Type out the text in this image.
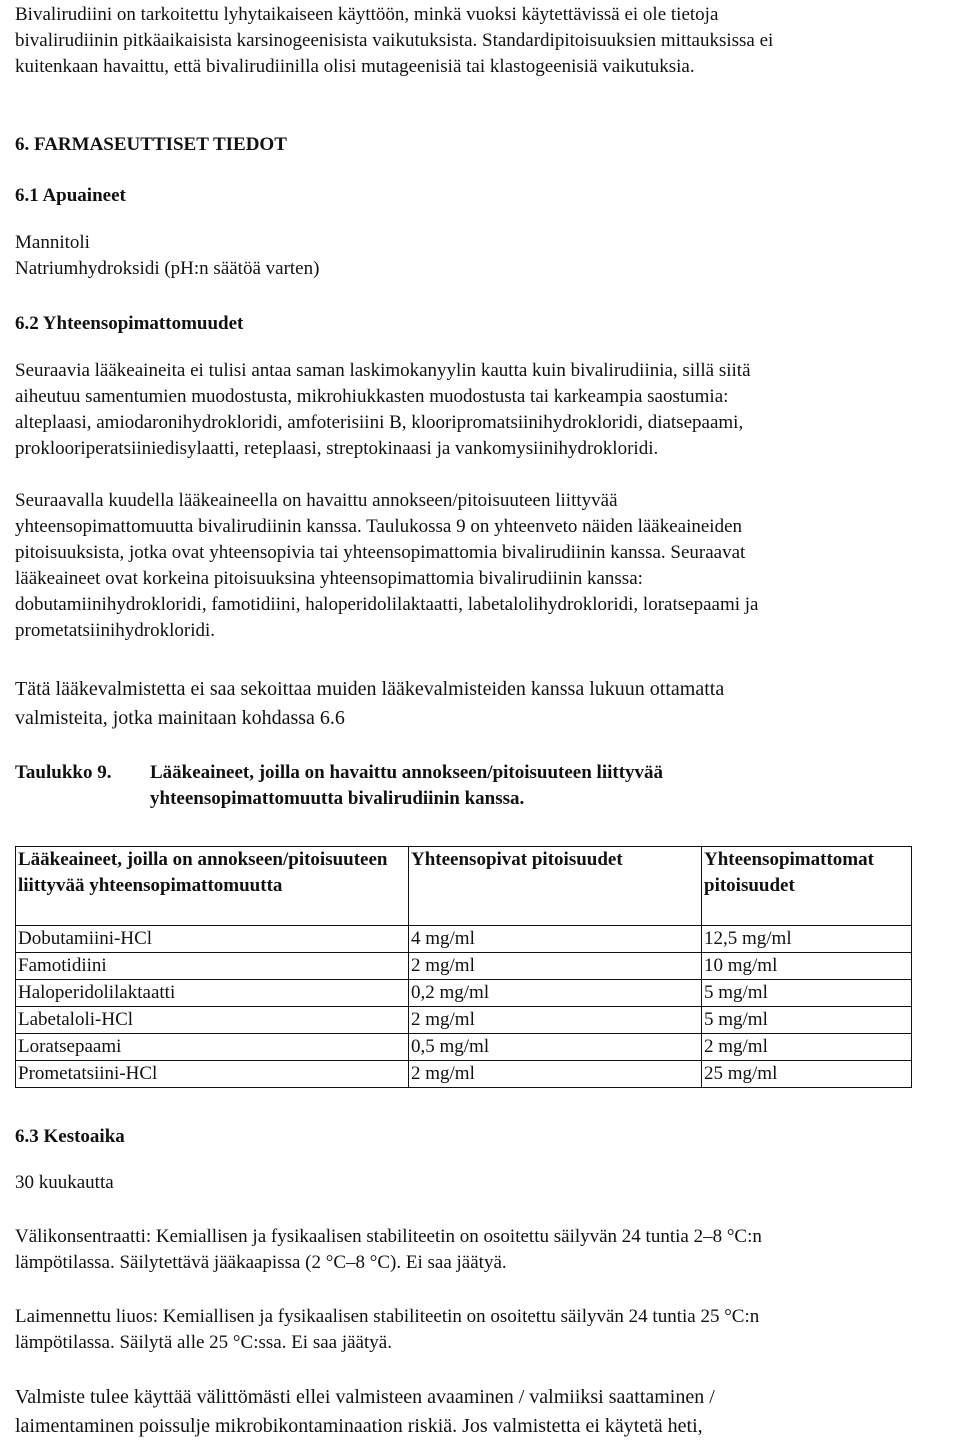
Bivalirudiini on tarkoitettu lyhytaikaiseen käyttöön, minkä vuoksi käytettävissä ei ole tietoja

bivalirudiinin pitkäaikaisista karsinogeenisista vaikutuksista. Standardipitoisuuksien mittauksissa ei

kuitenkaan havaittu, että bivalirudiinilla olisi mutageenisiä tai klastogeenisiä vaikutuksia.

6. FARMASEUTTISET TIEDOT
6.1 Apuaineet

Mannitoli

Natriumhydroksidi (pH:n säätöä varten)

6.2 Yhteensopimattomuudet

Seuraavia lääkeaineita ei tulisi antaa saman laskimokanyylin kautta kuin bivalirudiinia, sillä siitä

aiheutuu samentumien muodostusta, mikrohiukkasten muodostusta tai karkeampia saostumia:

alteplaasi, amiodaronihydrokloridi, amfoterisiini B, klooripromatsiinihydrokloridi, diatsepaami,

proklooriperatsiiniedisylaatti, reteplaasi, streptokinaasi ja vankomysiinihydrokloridi.

Seuraavalla kuudella lääkeaineella on havaittu annokseen/pitoisuuteen liittyvää

yhteensopimattomuutta bivalirudiinin kanssa. Taulukossa 9 on yhteenveto näiden lääkeaineiden

pitoisuuksista, jotka ovat yhteensopivia tai yhteensopimattomia bivalirudiinin kanssa. Seuraavat

lääkeaineet ovat korkeina pitoisuuksina yhteensopimattomia bivalirudiinin kanssa:

dobutamiinihydrokloridi, famotidiini, haloperidolilaktaatti, labetalolihydrokloridi, loratsepaami ja

prometatsiinihydrokloridi.

Tätä lääkevalmistetta ei saa sekoittaa muiden lääkevalmisteiden kanssa lukuun ottamatta

valmisteita, jotka mainitaan kohdassa 6.6

Taulukko 9. Lääkeaineet, joilla on havaittu annokseen/pitoisuuteen liittyvää yhteensopimattomuutta bivalirudiinin kanssa.
Lääkeaineet, joilla on annokseen/pitoisuuteen liittyvää yhteensopimattomuutta	Yhteensopivat pitoisuudet	Yhteensopimattomat pitoisuudet
Dobutamiini-HCl	4 mg/ml	12,5 mg/ml
Famotidiini	2 mg/ml	10 mg/ml
Haloperidolilaktaatti	0,2 mg/ml	5 mg/ml
Labetaloli-HCl	2 mg/ml	5 mg/ml
Loratsepaami	0,5 mg/ml	2 mg/ml
Prometatsiini-HCl	2 mg/ml	25 mg/ml
6.3 Kestoaika
30 kuukautta

Välikonsentraatti: Kemiallisen ja fysikaalisen stabiliteetin on osoitettu säilyvän 24 tuntia 2–8 °C:n

lämpötilassa. Säilytettävä jääkaapissa (2 °C–8 °C). Ei saa jäätyä.

Laimennettu liuos: Kemiallisen ja fysikaalisen stabiliteetin on osoitettu säilyvän 24 tuntia 25 °C:n

lämpötilassa. Säilytä alle 25 °C:ssa. Ei saa jäätyä.

Valmiste tulee käyttää välittömästi ellei valmisteen avaaminen / valmiiksi saattaminen /

laimentaminen poissulje mikrobikontaminaation riskiä. Jos valmistetta ei käytetä heti,
